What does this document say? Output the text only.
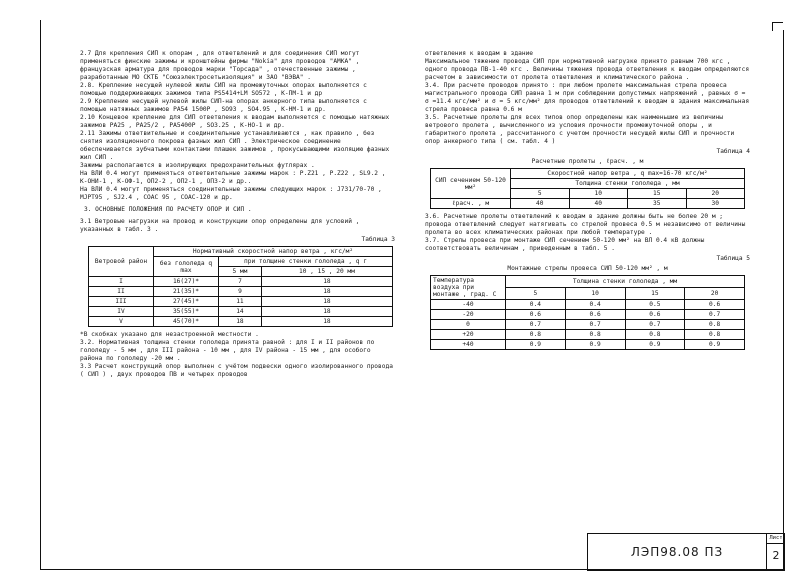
2.7 Для крепления СИП к опорам , для ответвлений и для соединения СИП могут применяться финские зажимы и кронштейны фирмы "Nokia" для проводов "АМКА" , французская арматура для проводов марки "Торсада" , отечественные зажимы , разработанные МО СКТБ "Союзэлектросетьизоляция" и ЗАО "ВЭВА" .

2.8. Крепление несущей нулевой жилы СИП на промежуточных опорах выполняется с помощью поддерживающих зажимов типа PS5414+LM SO572 , К-ПМ-1 и др

2.9 Крепление несущей нулевой жилы СИП-на опорах анкерного типа выполняется с помощью натяжных зажимов PA54 1500P , SO93 , SO4.95 , К-НМ-1 и др.

2.10 Концевое крепление для СИП ответвления к вводам выполняется с помощью натяжных зажимов PA25 , PA25/2 , PA5400P , SO3.25 , К-НО-1 и др.

2.11 Зажимы ответвительные и соединительные устанавливаются , как правило , без снятия изоляционного покрова фазных жил СИП . Электрическое соединение обеспечивается зубчатыми контактами плашек зажимов , прокусывающими изоляцию фазных жил СИП .

Зажимы располагаются в изолирующих предохранительных футлярах .

На ВЛИ 0.4 могут применяться ответвительные зажимы марок : P.Z21 , P.Z22 , SL9.2 , К-ОНИ-1 , К-ОФ-1, ОП2-2 , ОП2-1 , ОП3-2 и др..

На ВЛИ 0.4 могут применяться соединительные зажимы следующих марок : J731/70-70 , MJPT95 , SJ2.4 , COAC 95 , COAC-120 и др.

3. ОСНОВНЫЕ ПОЛОЖЕНИЯ ПО РАСЧЕТУ ОПОР И СИП .

3.1 Ветровые нагрузки на провод и конструкции опор определены для условий , указанных в табл. 3 .

Таблица 3

Ветровой район	Нормативный скоростной напор ветра , кгс/м²		
	без гололеда q max	при толщине стенки гололеда , q г	
		5 мм	10 , 15 , 20 мм
I	16(27)*	7	18
II	21(35)*	9	18
III	27(45)*	11	18
IV	35(55)*	14	18
V	45(70)*	18	18

*В скобках указано для незастроенной местности .

3.2. Нормативная толщина стенки гололеда принята равной : для I и II районов по гололеду - 5 мм , для III района - 10 мм , для IV района - 15 мм , для особого района по гололеду -20 мм .

3.3 Расчет конструкций опор выполнен с учётом подвески одного изолированного провода ( СИП ) , двух проводов ПВ и четырех проводов

ответвления к вводам в здание

Максимальное тяжение провода СИП при нормативной нагрузке принято равным 700 кгс , одного провода ПВ-1-40 кгс . Величины тяжения провода ответвления к вводам определяются расчетом в зависимости от пролета ответвления и климатического района .

3.4. При расчете проводов принято : при любом пролете максимальная стрела провеса магистрального провода СИП равна 1 м при соблюдении допустимых напряжений , равных σ = σ =11.4 кгс/мм² и σ = 5 кгс/мм² для проводов ответвлений к вводам в здания максимальная стрела провеса равна 0.6 м

3.5. Расчетные пролеты для всех типов опор определены как наименьшие из величины ветрового пролета , вычисленного из условия прочности промежуточной опоры , и габаритного пролета , рассчитанного с учетом прочности несущей жилы СИП и прочности опор анкерного типа ( см. табл. 4 )

Таблица 4

Расчетные пролеты , ℓрасч. , м

СИП сечением 50-120 мм²	Скоростной напор ветра , q max=16-70 кгс/м²			
	Толщина стенки гололеда , мм			
	5	10	15	20
ℓрасч. , м	40	40	35	30

3.6. Расчетные пролеты ответвлений к вводам в здание должны быть не более 20 м ; провода ответвлений следует натягивать со стрелой провеса 0.5 м независимо от величины пролета во всех климатических районах при любой температуре .

3.7. Стрелы провеса при монтаже СИП сечением 50-120 мм² на ВЛ 0.4 кВ должны соответствовать величинам , приведенным в табл. 5 .

Таблица 5

Монтажные стрелы провеса СИП 50-120 мм² , м

Температура воздуха при монтаже , град. С	Толщина стенки гололеда , мм			
	5	10	15	20
-40	0.4	0.4	0.5	0.6
-20	0.6	0.6	0.6	0.7
0	0.7	0.7	0.7	0.8
+20	0.8	0.8	0.8	0.8
+40	0.9	0.9	0.9	0.9
ЛЭП98.08 ПЗ
Лист
2
